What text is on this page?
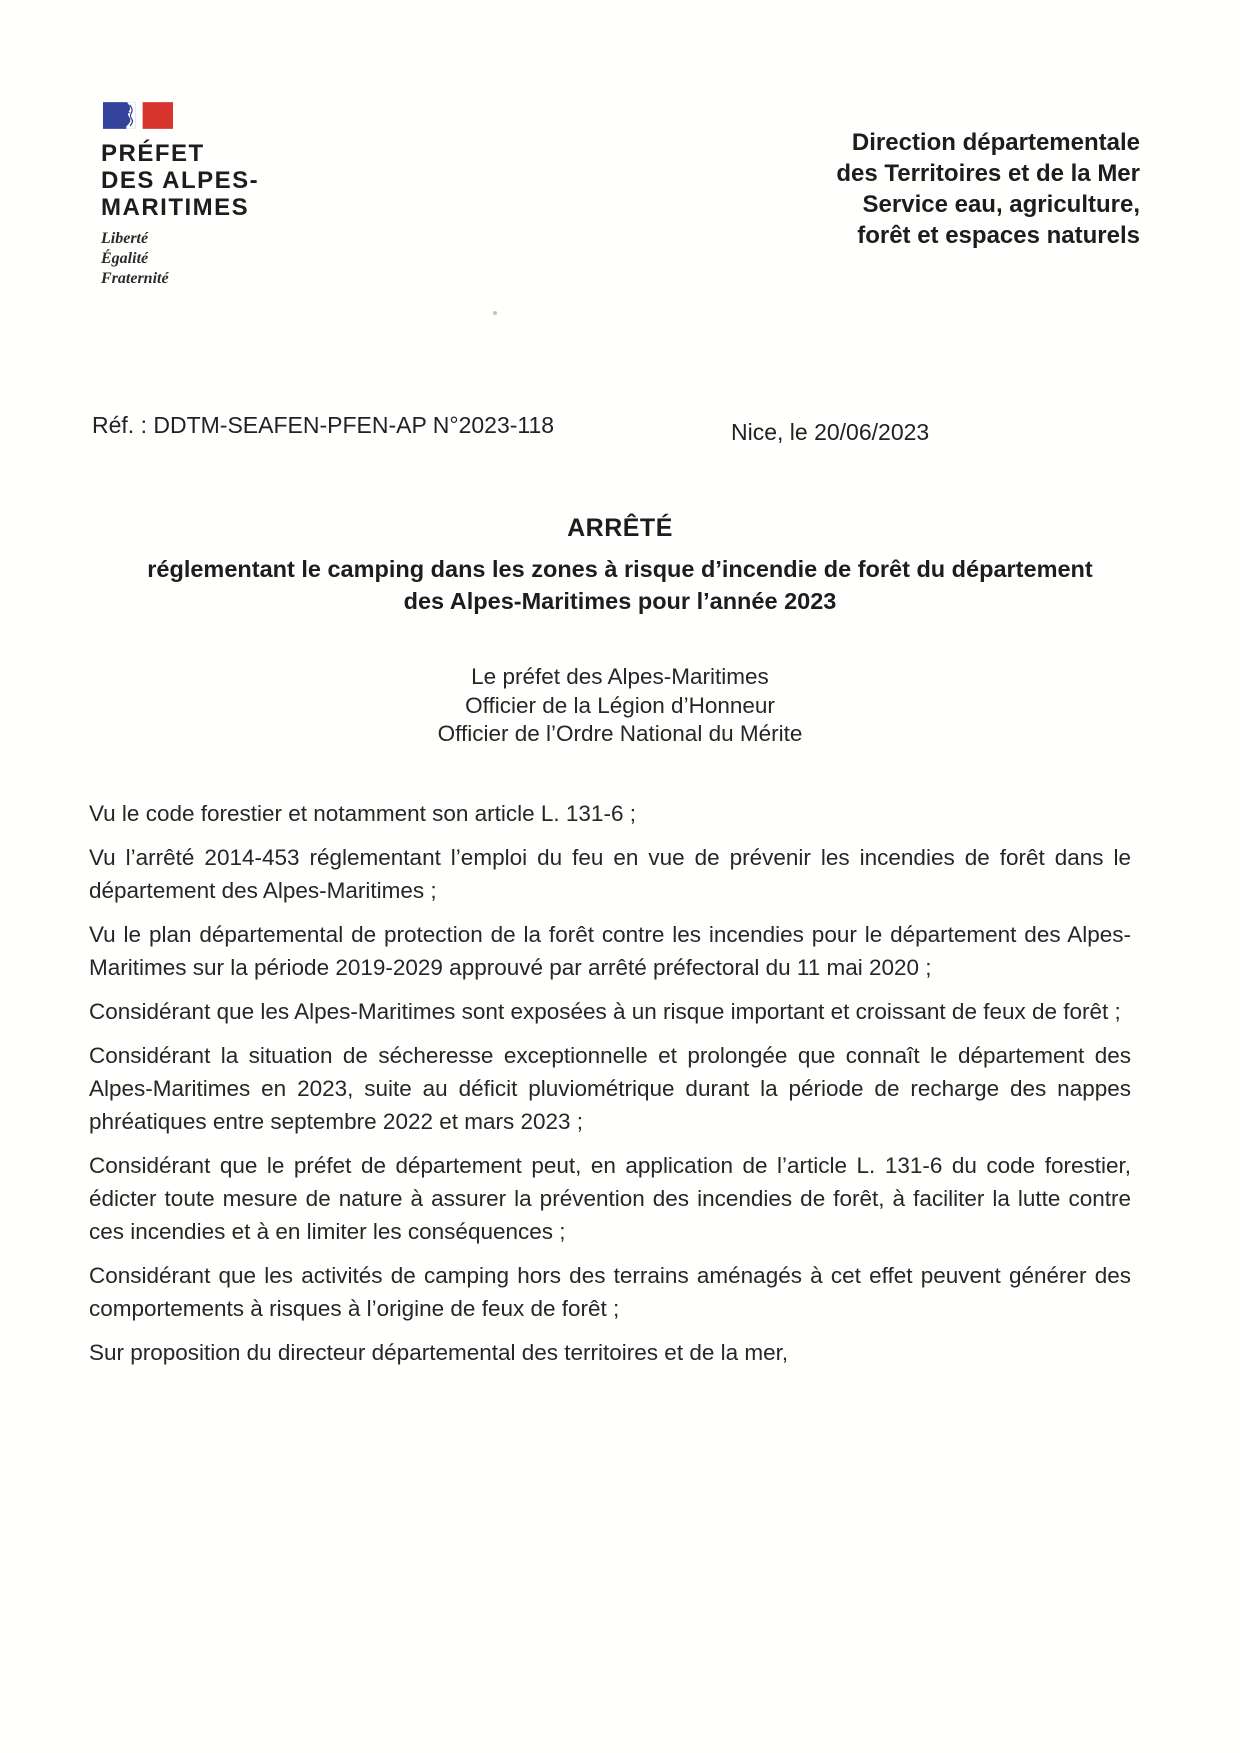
PRÉFET
DES ALPES-
MARITIMES
Liberté
Égalité
Fraternité
Direction départementale
des Territoires et de la Mer
Service eau, agriculture,
forêt et espaces naturels
Réf. : DDTM-SEAFEN-PFEN-AP N°2023-118	Nice, le 20/06/2023
ARRÊTÉ
réglementant le camping dans les zones à risque d’incendie de forêt du département
des Alpes-Maritimes pour l’année 2023
Le préfet des Alpes-Maritimes
Officier de la Légion d’Honneur
Officier de l’Ordre National du Mérite

Vu le code forestier et notamment son article L. 131-6 ;

Vu l’arrêté 2014-453 réglementant l’emploi du feu en vue de prévenir les incendies de forêt dans le département des Alpes-Maritimes ;

Vu le plan départemental de protection de la forêt contre les incendies pour le département des Alpes-Maritimes sur la période 2019-2029 approuvé par arrêté préfectoral du 11 mai 2020 ;

Considérant que les Alpes-Maritimes sont exposées à un risque important et croissant de feux de forêt ;

Considérant la situation de sécheresse exceptionnelle et prolongée que connaît le département des Alpes-Maritimes en 2023, suite au déficit pluviométrique durant la période de recharge des nappes phréatiques entre septembre 2022 et mars 2023 ;

Considérant que le préfet de département peut, en application de l’article L. 131-6 du code forestier, édicter toute mesure de nature à assurer la prévention des incendies de forêt, à faciliter la lutte contre ces incendies et à en limiter les conséquences ;

Considérant que les activités de camping hors des terrains aménagés à cet effet peuvent générer des comportements à risques à l’origine de feux de forêt ;

Sur proposition du directeur départemental des territoires et de la mer,
